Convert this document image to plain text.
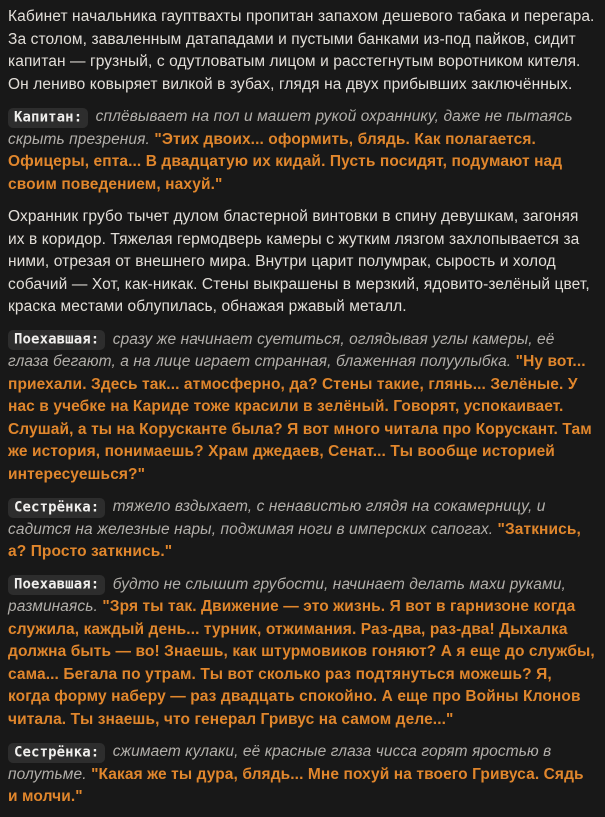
Кабинет начальника гауптвахты пропитан запахом дешевого табака и перегара. За столом, заваленным датападами и пустыми банками из-под пайков, сидит капитан — грузный, с одутловатым лицом и расстегнутым воротником кителя. Он лениво ковыряет вилкой в зубах, глядя на двух прибывших заключённых.

Капитан: сплёвывает на пол и машет рукой охраннику, даже не пытаясь скрыть презрения. "Этих двоих... оформить, блядь. Как полагается. Офицеры, епта... В двадцатую их кидай. Пусть посидят, подумают над своим поведением, нахуй."

Охранник грубо тычет дулом бластерной винтовки в спину девушкам, загоняя их в коридор. Тяжелая гермодверь камеры с жутким лязгом захлопывается за ними, отрезая от внешнего мира. Внутри царит полумрак, сырость и холод собачий — Хот, как-никак. Стены выкрашены в мерзкий, ядовито-зелёный цвет, краска местами облупилась, обнажая ржавый металл.

Поехавшая: сразу же начинает суетиться, оглядывая углы камеры, её глаза бегают, а на лице играет странная, блаженная полуулыбка. "Ну вот... приехали. Здесь так... атмосферно, да? Стены такие, глянь... Зелёные. У нас в учебке на Кариде тоже красили в зелёный. Говорят, успокаивает. Слушай, а ты на Корусканте была? Я вот много читала про Корускант. Там же история, понимаешь? Храм джедаев, Сенат... Ты вообще историей интересуешься?"

Сестрёнка: тяжело вздыхает, с ненавистью глядя на сокамерницу, и садится на железные нары, поджимая ноги в имперских сапогах. "Заткнись, а? Просто заткнись."

Поехавшая: будто не слышит грубости, начинает делать махи руками, разминаясь. "Зря ты так. Движение — это жизнь. Я вот в гарнизоне когда служила, каждый день... турник, отжимания. Раз-два, раз-два! Дыхалка должна быть — во! Знаешь, как штурмовиков гоняют? А я еще до службы, сама... Бегала по утрам. Ты вот сколько раз подтянуться можешь? Я, когда форму наберу — раз двадцать спокойно. А еще про Войны Клонов читала. Ты знаешь, что генерал Гривус на самом деле..."

Сестрёнка: сжимает кулаки, её красные глаза чисса горят яростью в полутьме. "Какая же ты дура, блядь... Мне похуй на твоего Гривуса. Сядь и молчи."
